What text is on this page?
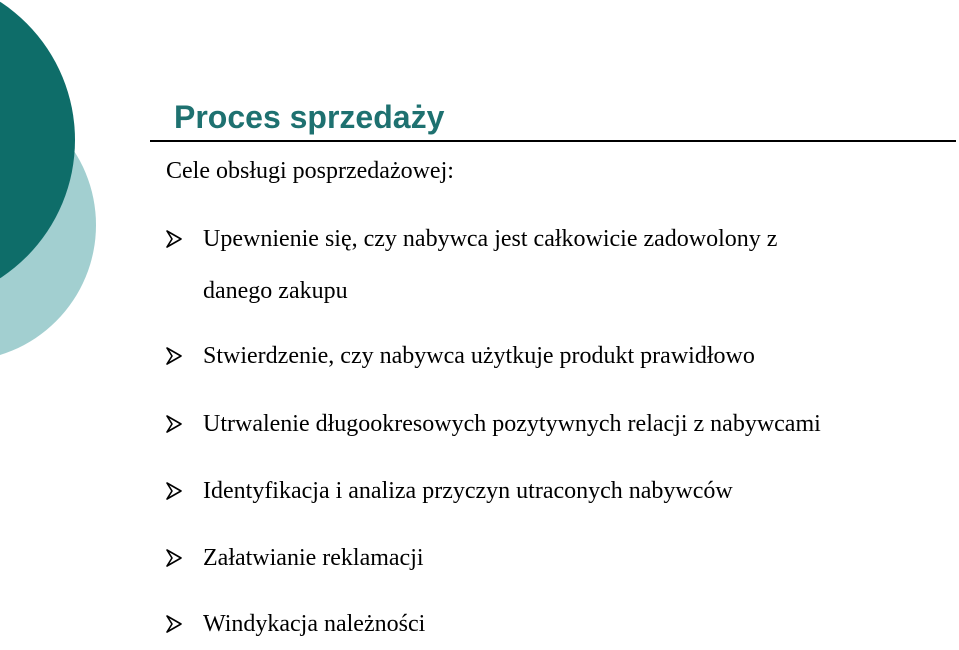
Proces sprzedaży
Cele obsługi posprzedażowej:
Upewnienie się, czy nabywca jest całkowicie zadowolony z
danego zakupu
Stwierdzenie, czy nabywca użytkuje produkt prawidłowo
Utrwalenie długookresowych pozytywnych relacji z nabywcami
Identyfikacja i analiza przyczyn utraconych nabywców
Załatwianie reklamacji
Windykacja należności
